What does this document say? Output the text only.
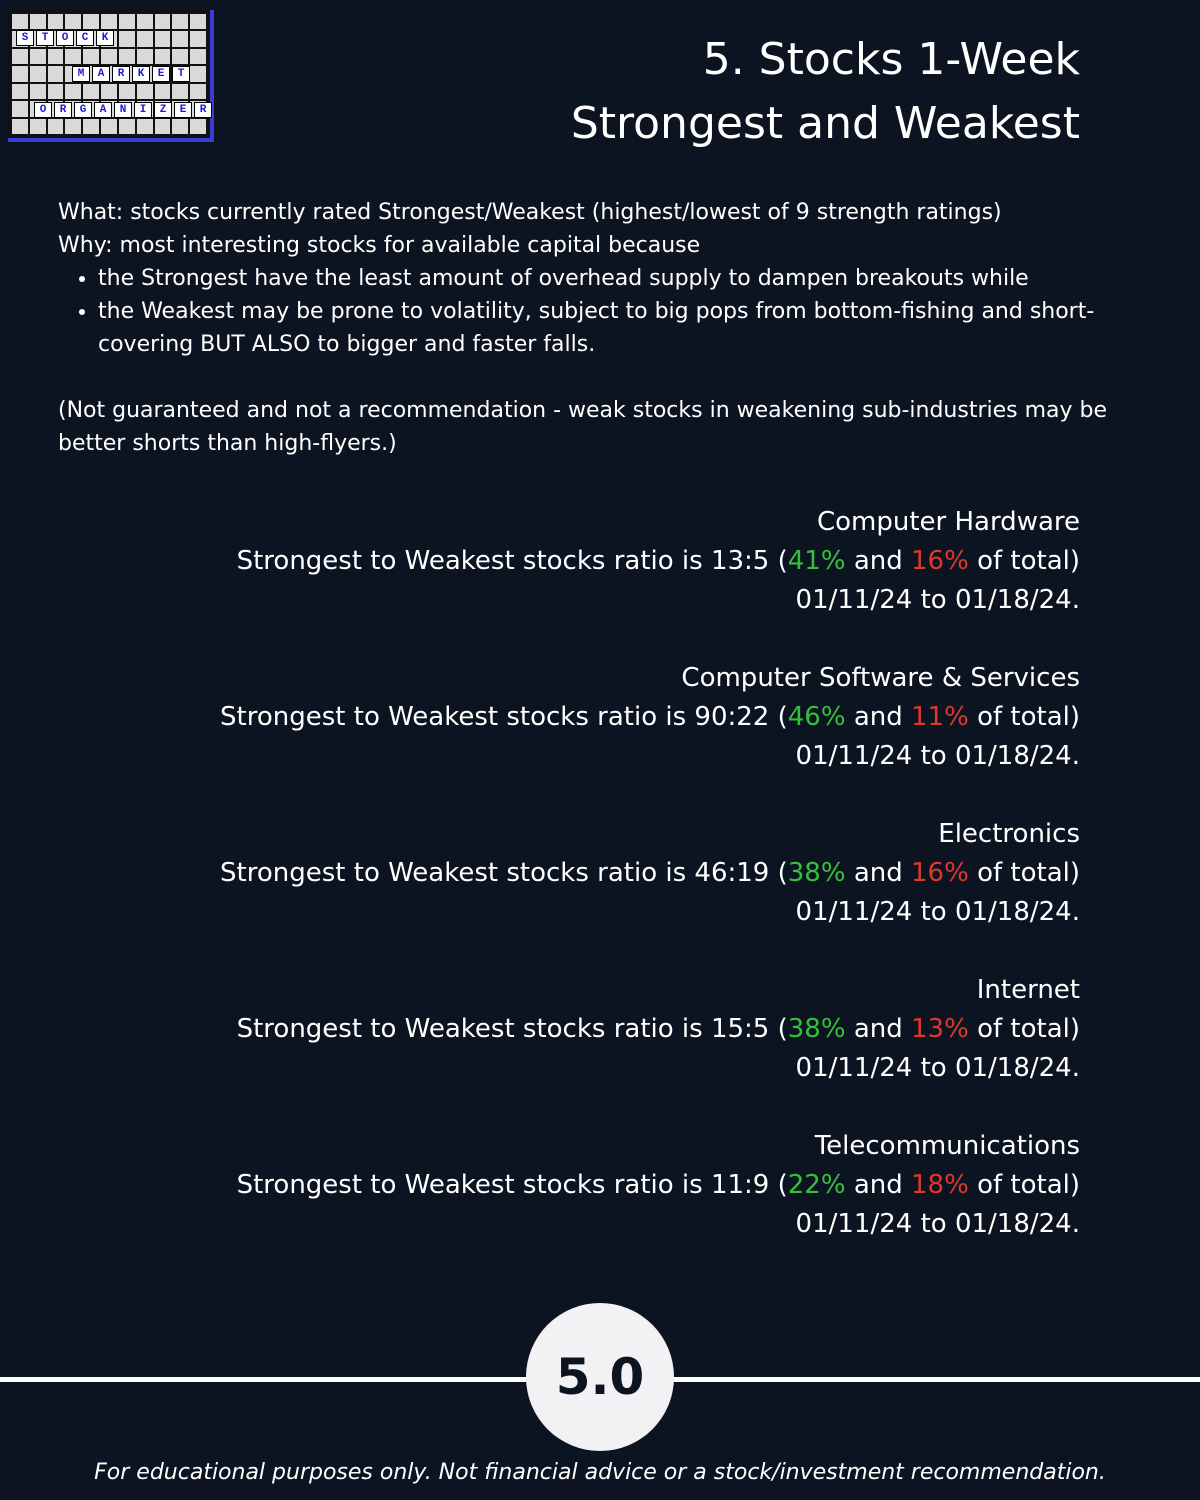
S	T	O	C	K
M	A	R	K	E	T
O	R	G	A	N	I	Z	E	R
5. Stocks 1-Week
Strongest and Weakest

What: stocks currently rated Strongest/Weakest (highest/lowest of 9 strength ratings)

Why: most interesting stocks for available capital because

• the Strongest have the least amount of overhead supply to dampen breakouts while
• the Weakest may be prone to volatility, subject to big pops from bottom-fishing and short-covering BUT ALSO to bigger and faster falls.

(Not guaranteed and not a recommendation - weak stocks in weakening sub-industries may be better shorts than high-flyers.)

Computer Hardware
Strongest to Weakest stocks ratio is 13:5 (41% and 16% of total)
01/11/24 to 01/18/24.
Computer Software & Services
Strongest to Weakest stocks ratio is 90:22 (46% and 11% of total)
01/11/24 to 01/18/24.
Electronics
Strongest to Weakest stocks ratio is 46:19 (38% and 16% of total)
01/11/24 to 01/18/24.
Internet
Strongest to Weakest stocks ratio is 15:5 (38% and 13% of total)
01/11/24 to 01/18/24.
Telecommunications
Strongest to Weakest stocks ratio is 11:9 (22% and 18% of total)
01/11/24 to 01/18/24.
5.0
For educational purposes only. Not financial advice or a stock/investment recommendation.
